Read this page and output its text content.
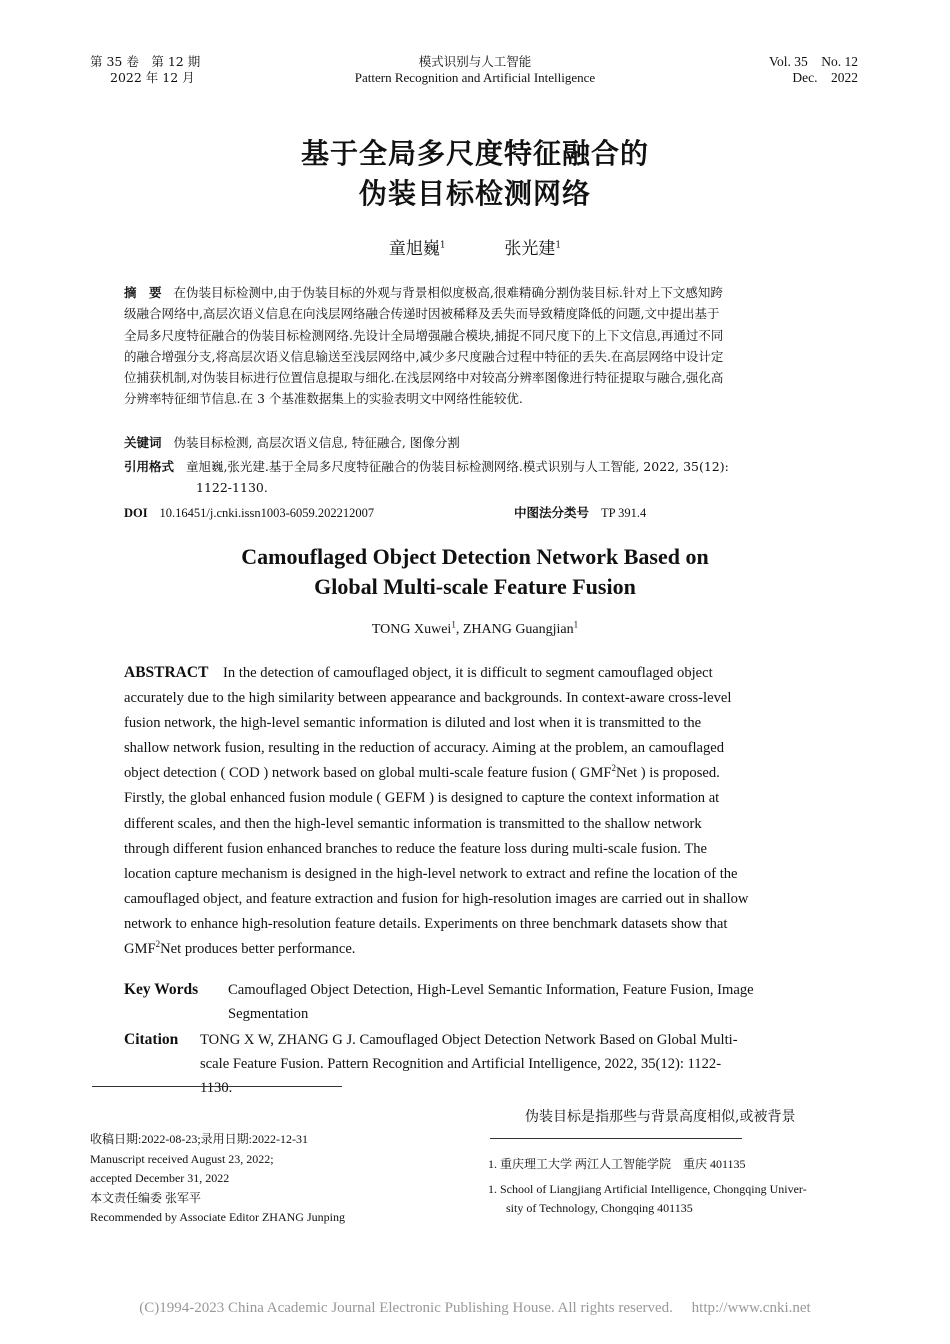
第 35 卷　第 12 期
2022 年 12 月
模式识别与人工智能
Pattern Recognition and Artificial Intelligence
Vol. 35　No. 12
Dec.　2022
基于全局多尺度特征融合的
伪装目标检测网络
童旭巍$^1$	张光建$^1$
摘　要 在伪装目标检测中,由于伪装目标的外观与背景相似度极高,很难精确分割伪装目标.针对上下文感知跨
级融合网络中,高层次语义信息在向浅层网络融合传递时因被稀释及丢失而导致精度降低的问题,文中提出基于
全局多尺度特征融合的伪装目标检测网络.先设计全局增强融合模块,捕捉不同尺度下的上下文信息,再通过不同
的融合增强分支,将高层次语义信息输送至浅层网络中,减少多尺度融合过程中特征的丢失.在高层网络中设计定
位捕获机制,对伪装目标进行位置信息提取与细化.在浅层网络中对较高分辨率图像进行特征提取与融合,强化高
分辨率特征细节信息.在 3 个基准数据集上的实验表明文中网络性能较优.
关键词 伪装目标检测, 高层次语义信息, 特征融合, 图像分割
引用格式 童旭巍,张光建.基于全局多尺度特征融合的伪装目标检测网络.模式识别与人工智能, 2022, 35(12):
1122-1130.
DOI 10.16451/j.cnki.issn1003-6059.202212007	中图法分类号 TP 391.4
Camouflaged Object Detection Network Based on
Global Multi-scale Feature Fusion
TONG Xuwei$^1$, ZHANG Guangjian$^1$
ABSTRACT In the detection of camouflaged object, it is difficult to segment camouflaged object
accurately due to the high similarity between appearance and backgrounds. In context-aware cross-level
fusion network, the high-level semantic information is diluted and lost when it is transmitted to the
shallow network fusion, resulting in the reduction of accuracy. Aiming at the problem, an camouflaged
object detection ( COD ) network based on global multi-scale feature fusion ( GMF$^2$Net ) is proposed.
Firstly, the global enhanced fusion module ( GEFM ) is designed to capture the context information at
different scales, and then the high-level semantic information is transmitted to the shallow network
through different fusion enhanced branches to reduce the feature loss during multi-scale fusion. The
location capture mechanism is designed in the high-level network to extract and refine the location of the
camouflaged object, and feature extraction and fusion for high-resolution images are carried out in shallow
network to enhance high-resolution feature details. Experiments on three benchmark datasets show that
GMF$^2$Net produces better performance.
Key Words	Camouflaged Object Detection, High-Level Semantic Information, Feature Fusion, Image
Segmentation
Citation	TONG X W, ZHANG G J. Camouflaged Object Detection Network Based on Global Multi-
scale Feature Fusion. Pattern Recognition and Artificial Intelligence, 2022, 35(12): 1122-
1130.
收稿日期:2022-08-23;录用日期:2022-12-31
Manuscript received August 23, 2022;
accepted December 31, 2022
本文责任编委 张军平
Recommended by Associate Editor ZHANG Junping
伪装目标是指那些与背景高度相似,或被背景
1. 重庆理工大学 两江人工智能学院　重庆 401135
1. School of Liangjiang Artificial Intelligence, Chongqing Univer-
sity of Technology, Chongqing 401135
(C)1994-2023 China Academic Journal Electronic Publishing House. All rights reserved.　 http://www.cnki.net
